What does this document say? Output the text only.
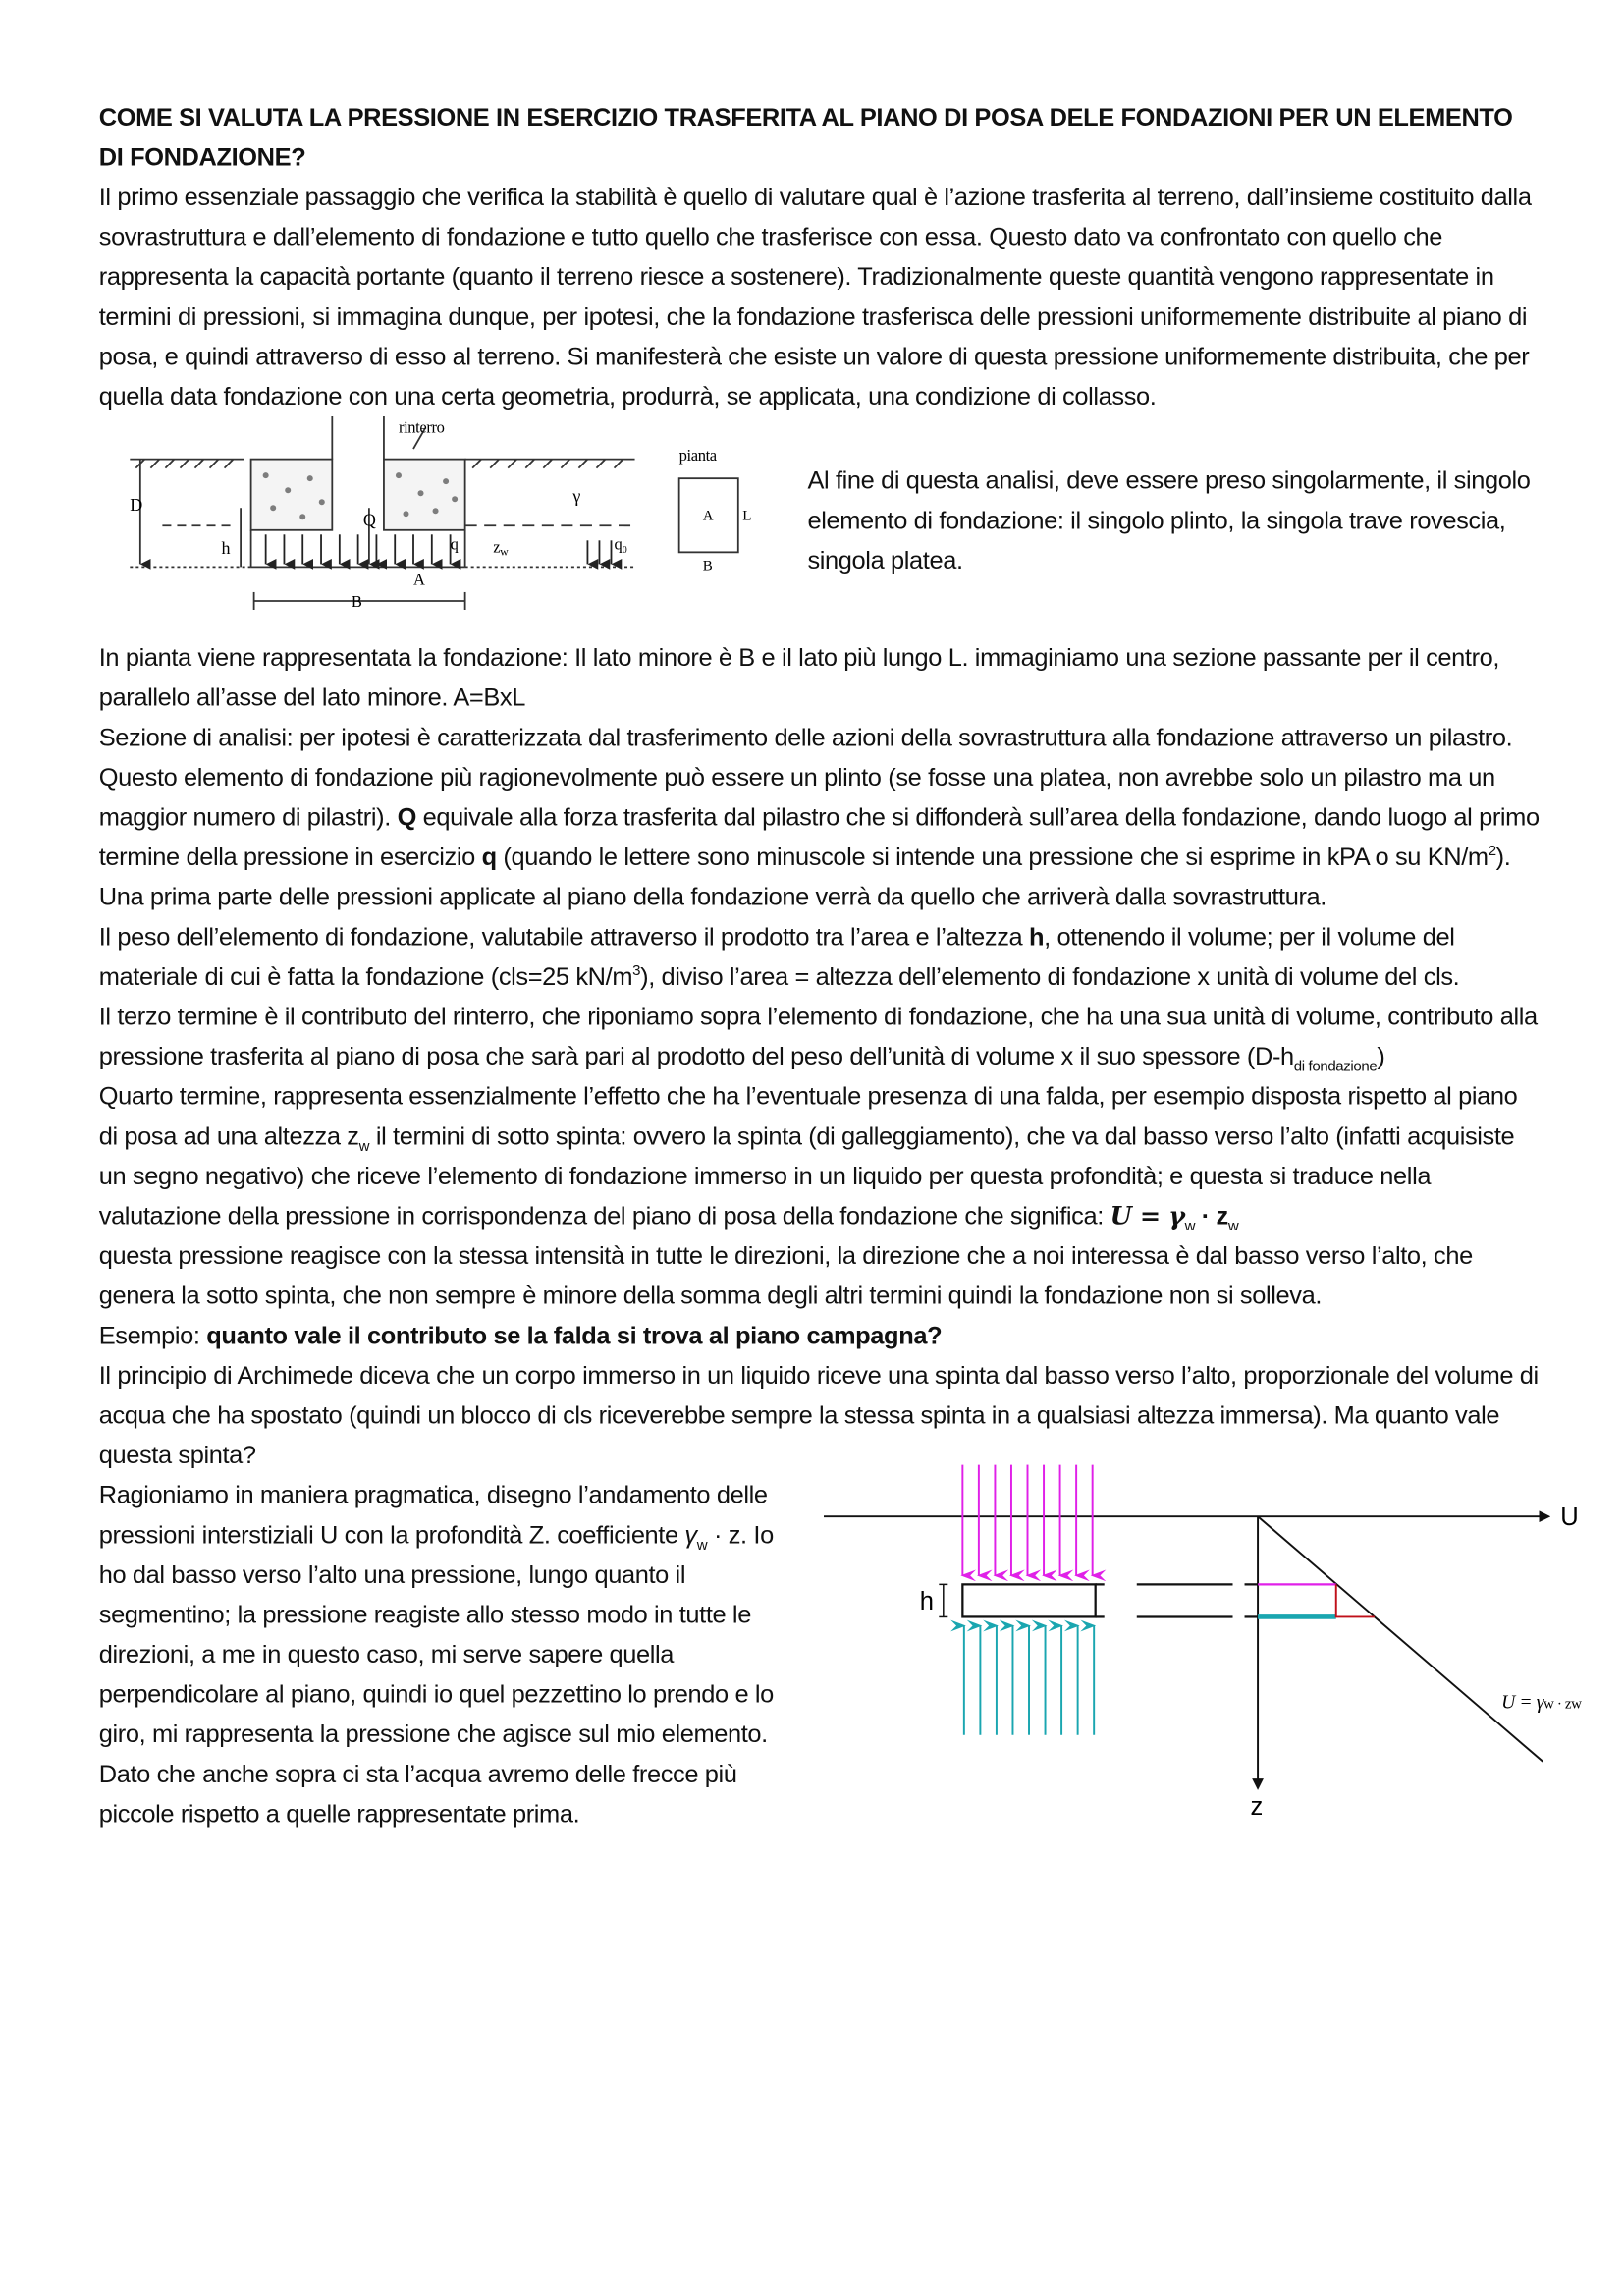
COME SI VALUTA LA PRESSIONE IN ESERCIZIO TRASFERITA AL PIANO DI POSA DELE FONDAZIONI PER UN ELEMENTO DI FONDAZIONE?

Il primo essenziale passaggio che verifica la stabilità è quello di valutare qual è l’azione trasferita al terreno, dall’insieme costituito dalla sovrastruttura e dall’elemento di fondazione e tutto quello che trasferisce con essa. Questo dato va confrontato con quello che rappresenta la capacità portante (quanto il terreno riesce a sostenere). Tradizionalmente queste quantità vengono rappresentate in termini di pressioni, si immagina dunque, per ipotesi, che la fondazione trasferisca delle pressioni uniformemente distribuite al piano di posa, e quindi attraverso di esso al terreno. Si manifesterà che esiste un valore di questa pressione uniformemente distribuita, che per quella data fondazione con una certa geometria, produrrà, se applicata, una condizione di collasso.

rinterro
D
h
Q
q
A
B
γ
zw	q₀
pianta
A	L
B

Al fine di questa analisi, deve essere preso singolarmente, il singolo elemento di fondazione: il singolo plinto, la singola trave rovescia, singola platea.

In pianta viene rappresentata la fondazione: Il lato minore è B e il lato più lungo L. immaginiamo una sezione passante per il centro, parallelo all’asse del lato minore. A=BxL

Sezione di analisi: per ipotesi è caratterizzata dal trasferimento delle azioni della sovrastruttura alla fondazione attraverso un pilastro. Questo elemento di fondazione più ragionevolmente può essere un plinto (se fosse una platea, non avrebbe solo un pilastro ma un maggior numero di pilastri). Q equivale alla forza trasferita dal pilastro che si diffonderà sull’area della fondazione, dando luogo al primo termine della pressione in esercizio q (quando le lettere sono minuscole si intende una pressione che si esprime in kPA o su $KN/m^2$).

Una prima parte delle pressioni applicate al piano della fondazione verrà da quello che arriverà dalla sovrastruttura.

Il peso dell’elemento di fondazione, valutabile attraverso il prodotto tra l’area e l’altezza h, ottenendo il volume; per il volume del materiale di cui è fatta la fondazione (cls=25 $kN/m^3$), diviso l’area = altezza dell’elemento di fondazione x unità di volume del cls.

Il terzo termine è il contributo del rinterro, che riponiamo sopra l’elemento di fondazione, che ha una sua unità di volume, contributo alla pressione trasferita al piano di posa che sarà pari al prodotto del peso dell’unità di volume x il suo spessore $(D-h_{di fondazione})$

Quarto termine, rappresenta essenzialmente l’effetto che ha l’eventuale presenza di una falda, per esempio disposta rispetto al piano di posa ad una altezza $z_w$ il termini di sotto spinta: ovvero la spinta (di galleggiamento), che va dal basso verso l’alto (infatti acquisiste un segno negativo) che riceve l’elemento di fondazione immerso in un liquido per questa profondità; e questa si traduce nella valutazione della pressione in corrispondenza del piano di posa della fondazione che significa: $U = \gamma_w \cdot z_w$

questa pressione reagisce con la stessa intensità in tutte le direzioni, la direzione che a noi interessa è dal basso verso l’alto, che genera la sotto spinta, che non sempre è minore della somma degli altri termini quindi la fondazione non si solleva.

Esempio: quanto vale il contributo se la falda si trova al piano campagna?

Il principio di Archimede diceva che un corpo immerso in un liquido riceve una spinta dal basso verso l’alto, proporzionale del volume di acqua che ha spostato (quindi un blocco di cls riceverebbe sempre la stessa spinta in a qualsiasi altezza immersa). Ma quanto vale questa spinta?

Ragioniamo in maniera pragmatica, disegno l’andamento delle pressioni interstiziali U con la profondità Z. coefficiente $\gamma_w \cdot z$. Io ho dal basso verso l’alto una pressione, lungo quanto il segmentino; la pressione reagiste allo stesso modo in tutte le direzioni, a me in questo caso, mi serve sapere quella perpendicolare al piano, quindi io quel pezzettino lo prendo e lo giro, mi rappresenta la pressione che agisce sul mio elemento. Dato che anche sopra ci sta l’acqua avremo delle frecce più piccole rispetto a quelle rappresentate prima.

h
U
z
U = γw · zw
